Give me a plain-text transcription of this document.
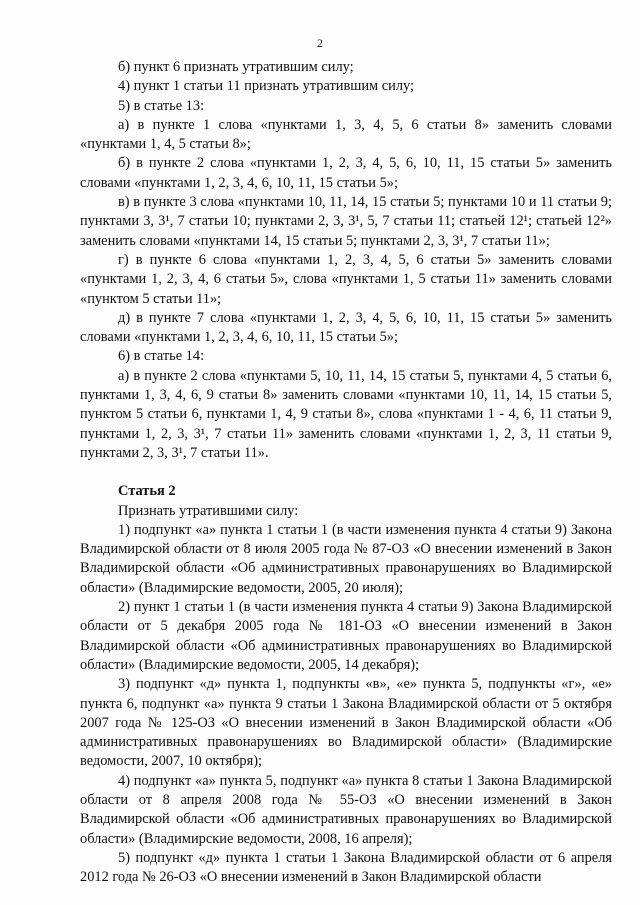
2

б) пункт 6 признать утратившим силу;

4) пункт 1 статьи 11 признать утратившим силу;

5) в статье 13:

а) в пункте 1 слова «пунктами 1, 3, 4, 5, 6 статьи 8» заменить словами «пунктами 1, 4, 5 статьи 8»;

б) в пункте 2 слова «пунктами 1, 2, 3, 4, 5, 6, 10, 11, 15 статьи 5» заменить словами «пунктами 1, 2, 3, 4, 6, 10, 11, 15 статьи 5»;

в) в пункте 3 слова «пунктами 10, 11, 14, 15 статьи 5; пунктами 10 и 11 статьи 9; пунктами 3, 3¹, 7 статьи 10; пунктами 2, 3, 3¹, 5, 7 статьи 11; статьей 12¹; статьей 12²» заменить словами «пунктами 14, 15 статьи 5; пунктами 2, 3, 3¹, 7 статьи 11»;

г) в пункте 6 слова «пунктами 1, 2, 3, 4, 5, 6 статьи 5» заменить словами «пунктами 1, 2, 3, 4, 6 статьи 5», слова «пунктами 1, 5 статьи 11» заменить словами «пунктом 5 статьи 11»;

д) в пункте 7 слова «пунктами 1, 2, 3, 4, 5, 6, 10, 11, 15 статьи 5» заменить словами «пунктами 1, 2, 3, 4, 6, 10, 11, 15 статьи 5»;

6) в статье 14:

а) в пункте 2 слова «пунктами 5, 10, 11, 14, 15 статьи 5, пунктами 4, 5 статьи 6, пунктами 1, 3, 4, 6, 9 статьи 8» заменить словами «пунктами 10, 11, 14, 15 статьи 5, пунктом 5 статьи 6, пунктами 1, 4, 9 статьи 8», слова «пунктами 1 - 4, 6, 11 статьи 9, пунктами 1, 2, 3, 3¹, 7 статьи 11» заменить словами «пунктами 1, 2, 3, 11 статьи 9, пунктами 2, 3, 3¹, 7 статьи 11».

Статья 2

Признать утратившими силу:

1) подпункт «а» пункта 1 статьи 1 (в части изменения пункта 4 статьи 9) Закона Владимирской области от 8 июля 2005 года № 87-ОЗ «О внесении изменений в Закон Владимирской области «Об административных правонарушениях во Владимирской области» (Владимирские ведомости, 2005, 20 июля);

2) пункт 1 статьи 1 (в части изменения пункта 4 статьи 9) Закона Владимирской области от 5 декабря 2005 года № 181-ОЗ «О внесении изменений в Закон Владимирской области «Об административных правонарушениях во Владимирской области» (Владимирские ведомости, 2005, 14 декабря);

3) подпункт «д» пункта 1, подпункты «в», «е» пункта 5, подпункты «г», «е» пункта 6, подпункт «а» пункта 9 статьи 1 Закона Владимирской области от 5 октября 2007 года № 125-ОЗ «О внесении изменений в Закон Владимирской области «Об административных правонарушениях во Владимирской области» (Владимирские ведомости, 2007, 10 октября);

4) подпункт «а» пункта 5, подпункт «а» пункта 8 статьи 1 Закона Владимирской области от 8 апреля 2008 года № 55-ОЗ «О внесении изменений в Закон Владимирской области «Об административных правонарушениях во Владимирской области» (Владимирские ведомости, 2008, 16 апреля);

5) подпункт «д» пункта 1 статьи 1 Закона Владимирской области от 6 апреля 2012 года № 26-ОЗ «О внесении изменений в Закон Владимирской области
